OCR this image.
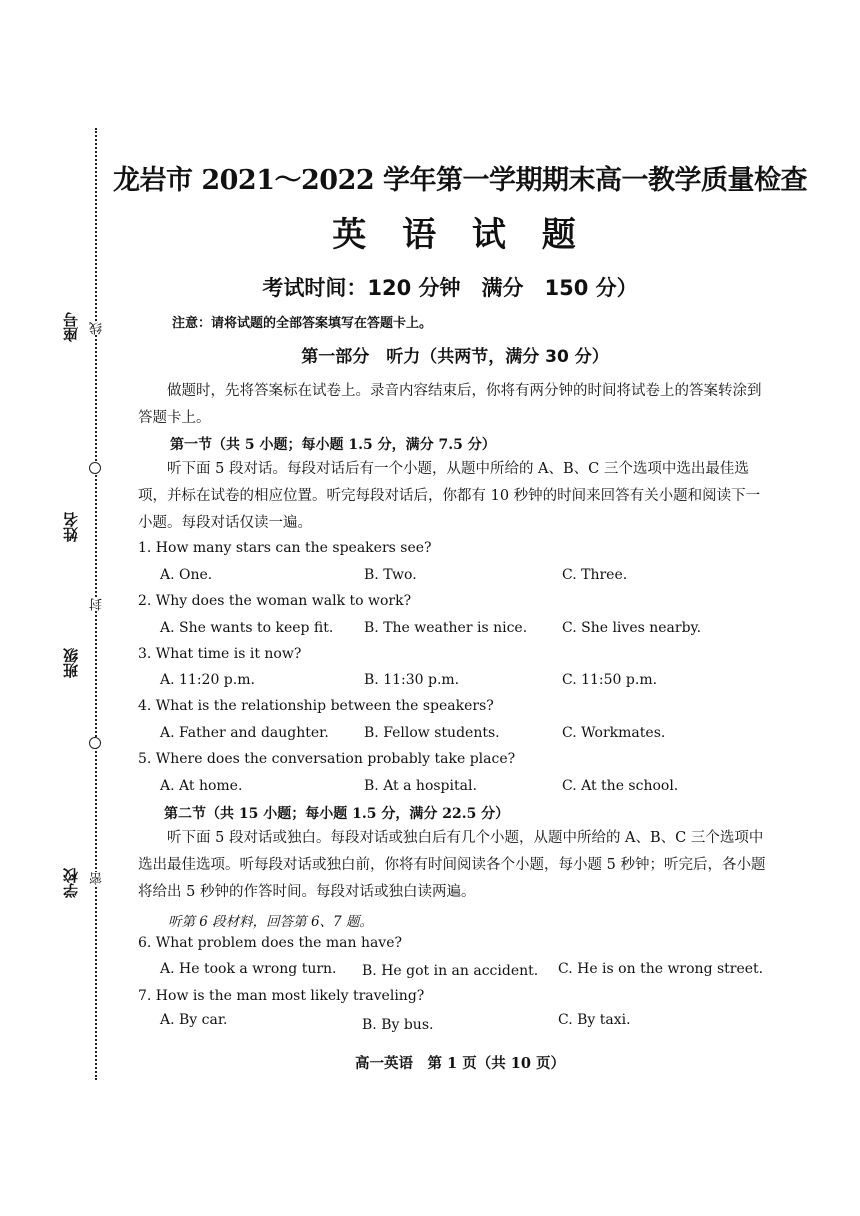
线
封
密
座号
姓名
班级
学校
龙岩市 2021～2022 学年第一学期期末高一教学质量检查
英 语 试 题
考试时间：120 分钟　满分　150 分）
注意：请将试题的全部答案填写在答题卡上。
第一部分　听力（共两节，满分 30 分）
做题时，先将答案标在试卷上。录音内容结束后，你将有两分钟的时间将试卷上的答案转涂到答题卡上。
第一节（共 5 小题；每小题 1.5 分，满分 7.5 分）
听下面 5 段对话。每段对话后有一个小题，从题中所给的 A、B、C 三个选项中选出最佳选项，并标在试卷的相应位置。听完每段对话后，你都有 10 秒钟的时间来回答有关小题和阅读下一小题。每段对话仅读一遍。
1. How many stars can the speakers see?
A. One.	B. Two.	C. Three.
2. Why does the woman walk to work?
A. She wants to keep fit. B. The weather is nice. C. She lives nearby.
3. What time is it now?
A. 11:20 p.m.	B. 11:30 p.m.	C. 11:50 p.m.
4. What is the relationship between the speakers?
A. Father and daughter.	B. Fellow students.	C. Workmates.
5. Where does the conversation probably take place?
A. At home.	B. At a hospital.	C. At the school.
第二节（共 15 小题；每小题 1.5 分，满分 22.5 分）
听下面 5 段对话或独白。每段对话或独白后有几个小题，从题中所给的 A、B、C 三个选项中选出最佳选项。听每段对话或独白前，你将有时间阅读各个小题，每小题 5 秒钟；听完后，各小题将给出 5 秒钟的作答时间。每段对话或独白读两遍。
听第 6 段材料，回答第 6、7 题。
6. What problem does the man have?
A. He took a wrong turn. B. He got in an accident. C. He is on the wrong street.
7. How is the man most likely traveling?
A. By car.	B. By bus.	C. By taxi.
高一英语　第 1 页（共 10 页）
